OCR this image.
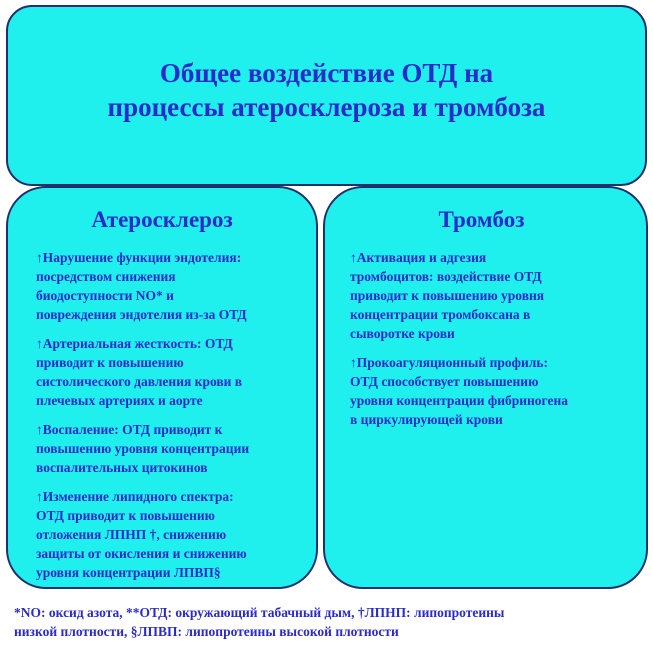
Общее воздействие ОТД на
процессы атеросклероза и тромбоза
Атеросклероз
↑Нарушение функции эндотелия:
посредством снижения
биодоступности NO* и
повреждения эндотелия из-за ОТД
↑Артериальная жесткость: ОТД
приводит к повышению
систолического давления крови в
плечевых артериях и аорте
↑Воспаление: ОТД приводит к
повышению уровня концентрации
воспалительных цитокинов
↑Изменение липидного спектра:
ОТД приводит к повышению
отложения ЛПНП †, снижению
защиты от окисления и снижению
уровня концентрации ЛПВП§
Тромбоз
↑Активация и адгезия
тромбоцитов: воздействие ОТД
приводит к повышению уровня
концентрации тромбоксана в
сыворотке крови
↑Прокоагуляционный профиль:
ОТД способствует повышению
уровня концентрации фибриногена
в циркулирующей крови
*NO: оксид азота, **ОТД: окружающий табачный дым, †ЛПНП: липопротеины
низкой плотности, §ЛПВП: липопротеины высокой плотности
